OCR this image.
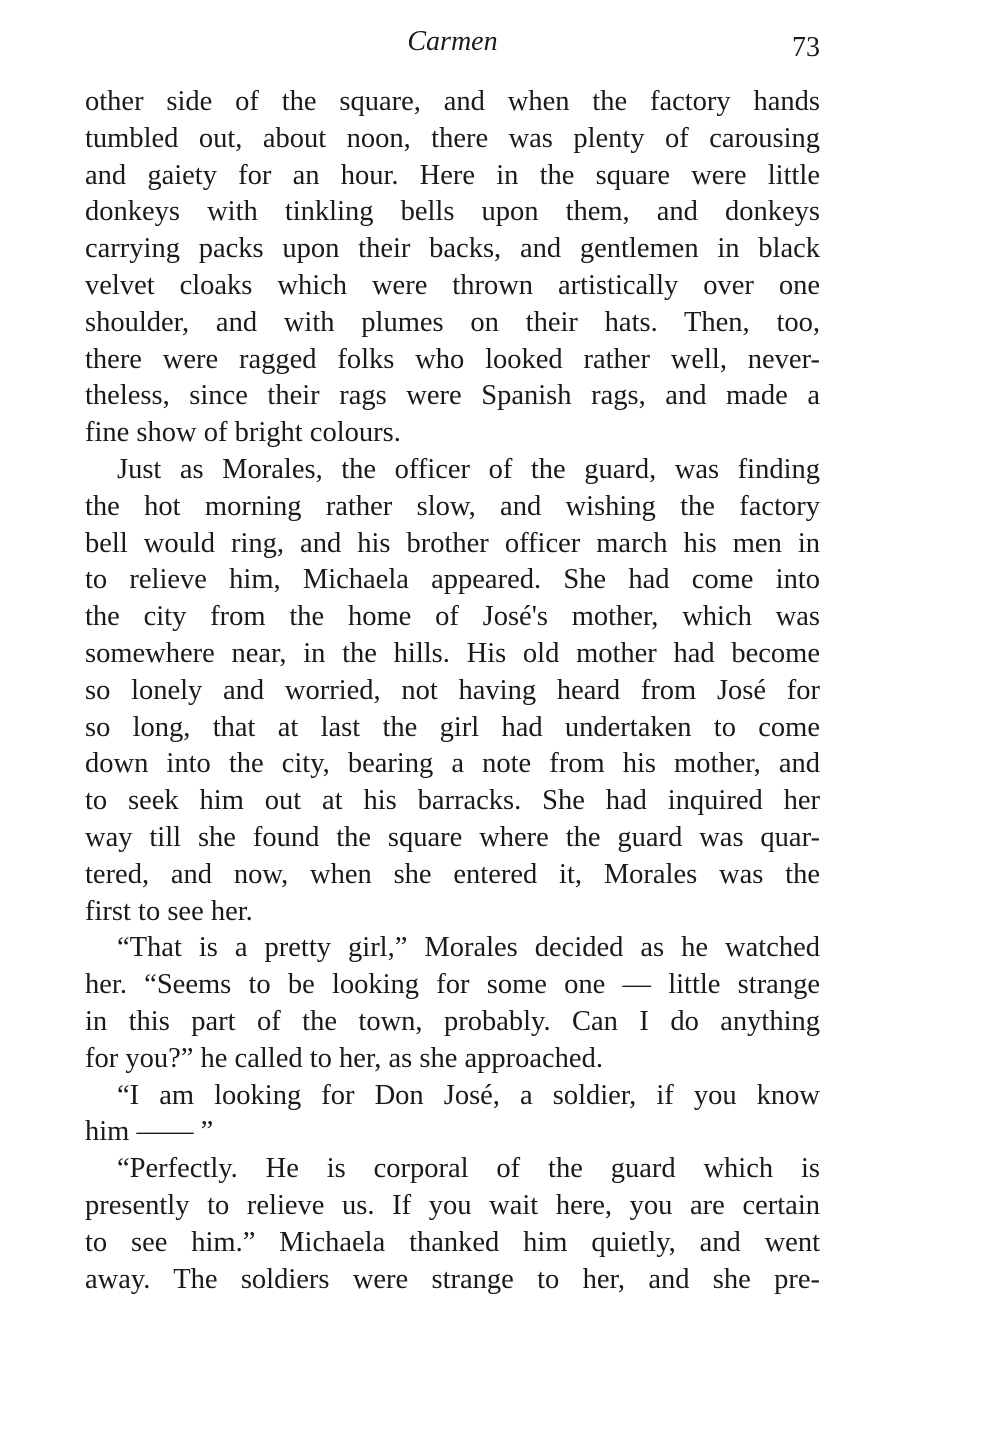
Carmen	73
other side of the square, and when the factory hands
tumbled out, about noon, there was plenty of carousing
and gaiety for an hour. Here in the square were little
donkeys with tinkling bells upon them, and donkeys
carrying packs upon their backs, and gentlemen in black
velvet cloaks which were thrown artistically over one
shoulder, and with plumes on their hats. Then, too,
there were ragged folks who looked rather well, never-
theless, since their rags were Spanish rags, and made a
fine show of bright colours.
Just as Morales, the officer of the guard, was finding
the hot morning rather slow, and wishing the factory
bell would ring, and his brother officer march his men in
to relieve him, Michaela appeared. She had come into
the city from the home of José's mother, which was
somewhere near, in the hills. His old mother had become
so lonely and worried, not having heard from José for
so long, that at last the girl had undertaken to come
down into the city, bearing a note from his mother, and
to seek him out at his barracks. She had inquired her
way till she found the square where the guard was quar-
tered, and now, when she entered it, Morales was the
first to see her.
“That is a pretty girl,” Morales decided as he watched
her. “Seems to be looking for some one — little strange
in this part of the town, probably. Can I do anything
for you?” he called to her, as she approached.
“I am looking for Don José, a soldier, if you know
him —— ”
“Perfectly. He is corporal of the guard which is
presently to relieve us. If you wait here, you are certain
to see him.” Michaela thanked him quietly, and went
away. The soldiers were strange to her, and she pre-
